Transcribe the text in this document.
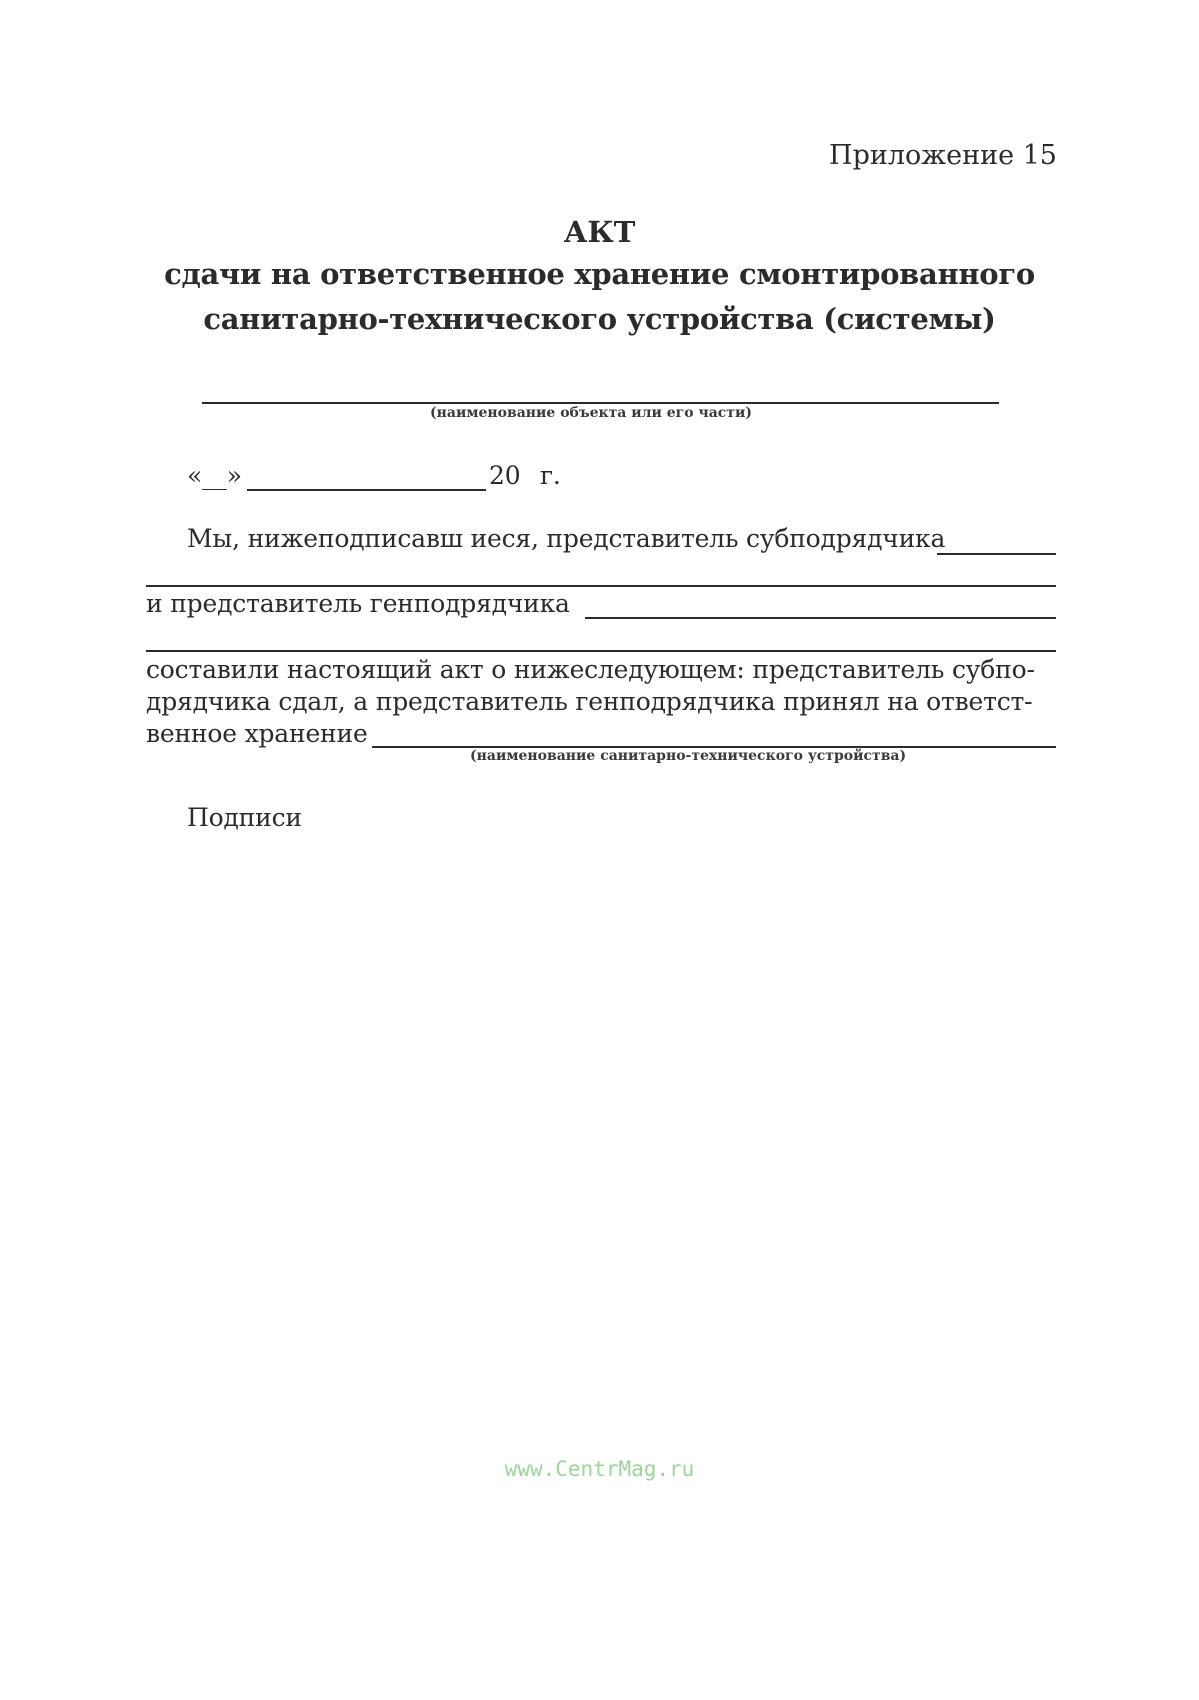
Приложение 15
АКТ
сдачи на ответственное хранение смонтированного
санитарно-технического устройства (системы)
(наименование объекта или его части)
«__»	20 г.
Мы, нижеподписавш иеся, представитель субподрядчика
и представитель генподрядчика
составили настоящий акт о нижеследующем: представитель субпо-
дрядчика сдал, а представитель генподрядчика принял на ответст-
венное хранение
(наименование санитарно-технического устройства)
Подписи
www.CentrMag.ru
